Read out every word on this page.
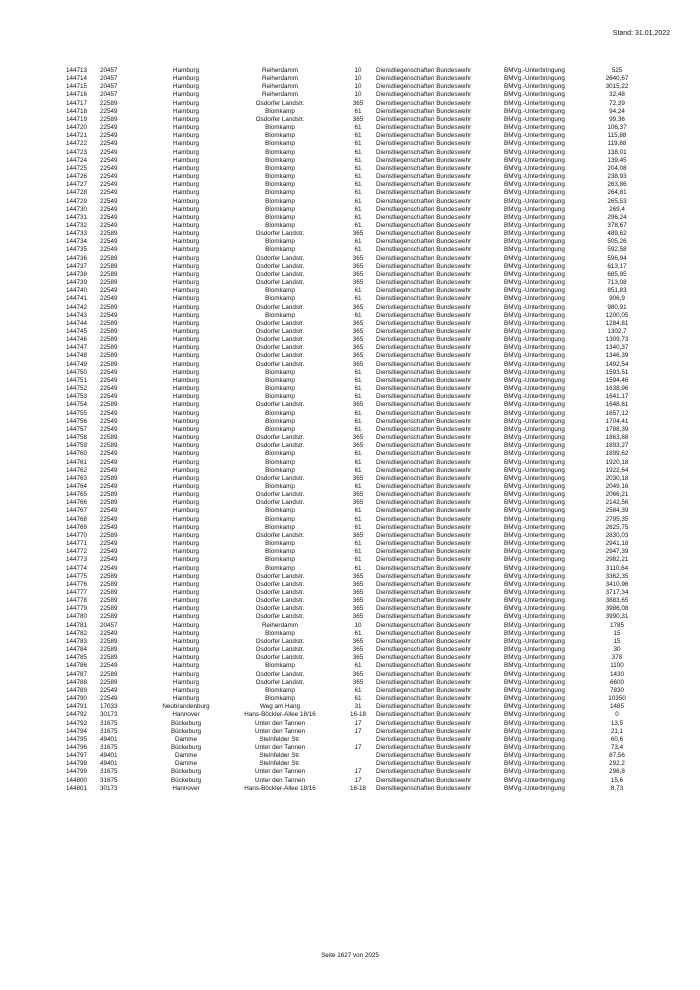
Stand: 31.01.2022
144713	20457	Hamburg	Reiherdamm	10	Dienstliegenschaften Bundeswehr	BMVg.-Unterbringung	525
144714	20457	Hamburg	Reiherdamm	10	Dienstliegenschaften Bundeswehr	BMVg.-Unterbringung	2640,67
144715	20457	Hamburg	Reiherdamm	10	Dienstliegenschaften Bundeswehr	BMVg.-Unterbringung	3015,22
144716	20457	Hamburg	Reiherdamm	10	Dienstliegenschaften Bundeswehr	BMVg.-Unterbringung	32,48
144717	22589	Hamburg	Osdorfer Landstr.	365	Dienstliegenschaften Bundeswehr	BMVg.-Unterbringung	72,39
144718	22549	Hamburg	Blomkamp	61	Dienstliegenschaften Bundeswehr	BMVg.-Unterbringung	94,24
144719	22589	Hamburg	Osdorfer Landstr.	365	Dienstliegenschaften Bundeswehr	BMVg.-Unterbringung	99,36
144720	22549	Hamburg	Blomkamp	61	Dienstliegenschaften Bundeswehr	BMVg.-Unterbringung	106,37
144721	22549	Hamburg	Blomkamp	61	Dienstliegenschaften Bundeswehr	BMVg.-Unterbringung	115,88
144722	22549	Hamburg	Blomkamp	61	Dienstliegenschaften Bundeswehr	BMVg.-Unterbringung	119,88
144723	22549	Hamburg	Blomkamp	61	Dienstliegenschaften Bundeswehr	BMVg.-Unterbringung	138,01
144724	22549	Hamburg	Blomkamp	61	Dienstliegenschaften Bundeswehr	BMVg.-Unterbringung	139,45
144725	22549	Hamburg	Blomkamp	61	Dienstliegenschaften Bundeswehr	BMVg.-Unterbringung	204,08
144726	22549	Hamburg	Blomkamp	61	Dienstliegenschaften Bundeswehr	BMVg.-Unterbringung	238,93
144727	22549	Hamburg	Blomkamp	61	Dienstliegenschaften Bundeswehr	BMVg.-Unterbringung	263,86
144728	22549	Hamburg	Blomkamp	61	Dienstliegenschaften Bundeswehr	BMVg.-Unterbringung	264,81
144729	22549	Hamburg	Blomkamp	61	Dienstliegenschaften Bundeswehr	BMVg.-Unterbringung	265,53
144730	22549	Hamburg	Blomkamp	61	Dienstliegenschaften Bundeswehr	BMVg.-Unterbringung	269,4
144731	22549	Hamburg	Blomkamp	61	Dienstliegenschaften Bundeswehr	BMVg.-Unterbringung	296,24
144732	22549	Hamburg	Blomkamp	61	Dienstliegenschaften Bundeswehr	BMVg.-Unterbringung	378,67
144733	22589	Hamburg	Osdorfer Landstr.	365	Dienstliegenschaften Bundeswehr	BMVg.-Unterbringung	489,62
144734	22549	Hamburg	Blomkamp	61	Dienstliegenschaften Bundeswehr	BMVg.-Unterbringung	505,26
144735	22549	Hamburg	Blomkamp	61	Dienstliegenschaften Bundeswehr	BMVg.-Unterbringung	592,58
144736	22589	Hamburg	Osdorfer Landstr.	365	Dienstliegenschaften Bundeswehr	BMVg.-Unterbringung	596,94
144737	22589	Hamburg	Osdorfer Landstr.	365	Dienstliegenschaften Bundeswehr	BMVg.-Unterbringung	613,17
144738	22589	Hamburg	Osdorfer Landstr.	365	Dienstliegenschaften Bundeswehr	BMVg.-Unterbringung	685,95
144739	22589	Hamburg	Osdorfer Landstr.	365	Dienstliegenschaften Bundeswehr	BMVg.-Unterbringung	713,08
144740	22549	Hamburg	Blomkamp	61	Dienstliegenschaften Bundeswehr	BMVg.-Unterbringung	851,83
144741	22549	Hamburg	Blomkamp	61	Dienstliegenschaften Bundeswehr	BMVg.-Unterbringung	906,9
144742	22589	Hamburg	Osdorfer Landstr.	365	Dienstliegenschaften Bundeswehr	BMVg.-Unterbringung	980,91
144743	22549	Hamburg	Blomkamp	61	Dienstliegenschaften Bundeswehr	BMVg.-Unterbringung	1200,05
144744	22589	Hamburg	Osdorfer Landstr.	365	Dienstliegenschaften Bundeswehr	BMVg.-Unterbringung	1284,81
144745	22589	Hamburg	Osdorfer Landstr.	365	Dienstliegenschaften Bundeswehr	BMVg.-Unterbringung	1302,7
144746	22589	Hamburg	Osdorfer Landstr.	365	Dienstliegenschaften Bundeswehr	BMVg.-Unterbringung	1309,73
144747	22589	Hamburg	Osdorfer Landstr.	365	Dienstliegenschaften Bundeswehr	BMVg.-Unterbringung	1340,37
144748	22589	Hamburg	Osdorfer Landstr.	365	Dienstliegenschaften Bundeswehr	BMVg.-Unterbringung	1346,39
144749	22589	Hamburg	Osdorfer Landstr.	365	Dienstliegenschaften Bundeswehr	BMVg.-Unterbringung	1492,54
144750	22549	Hamburg	Blomkamp	61	Dienstliegenschaften Bundeswehr	BMVg.-Unterbringung	1593,51
144751	22549	Hamburg	Blomkamp	61	Dienstliegenschaften Bundeswehr	BMVg.-Unterbringung	1594,46
144752	22549	Hamburg	Blomkamp	61	Dienstliegenschaften Bundeswehr	BMVg.-Unterbringung	1638,96
144753	22549	Hamburg	Blomkamp	61	Dienstliegenschaften Bundeswehr	BMVg.-Unterbringung	1641,17
144754	22589	Hamburg	Osdorfer Landstr.	365	Dienstliegenschaften Bundeswehr	BMVg.-Unterbringung	1648,61
144755	22549	Hamburg	Blomkamp	61	Dienstliegenschaften Bundeswehr	BMVg.-Unterbringung	1657,12
144756	22549	Hamburg	Blomkamp	61	Dienstliegenschaften Bundeswehr	BMVg.-Unterbringung	1704,41
144757	22549	Hamburg	Blomkamp	61	Dienstliegenschaften Bundeswehr	BMVg.-Unterbringung	1788,39
144758	22589	Hamburg	Osdorfer Landstr.	365	Dienstliegenschaften Bundeswehr	BMVg.-Unterbringung	1863,88
144759	22589	Hamburg	Osdorfer Landstr.	365	Dienstliegenschaften Bundeswehr	BMVg.-Unterbringung	1893,27
144760	22549	Hamburg	Blomkamp	61	Dienstliegenschaften Bundeswehr	BMVg.-Unterbringung	1899,62
144761	22549	Hamburg	Blomkamp	61	Dienstliegenschaften Bundeswehr	BMVg.-Unterbringung	1920,18
144762	22549	Hamburg	Blomkamp	61	Dienstliegenschaften Bundeswehr	BMVg.-Unterbringung	1922,64
144763	22589	Hamburg	Osdorfer Landstr.	365	Dienstliegenschaften Bundeswehr	BMVg.-Unterbringung	2030,18
144764	22549	Hamburg	Blomkamp	61	Dienstliegenschaften Bundeswehr	BMVg.-Unterbringung	2049,16
144765	22589	Hamburg	Osdorfer Landstr.	365	Dienstliegenschaften Bundeswehr	BMVg.-Unterbringung	2066,21
144766	22589	Hamburg	Osdorfer Landstr.	365	Dienstliegenschaften Bundeswehr	BMVg.-Unterbringung	2142,56
144767	22549	Hamburg	Blomkamp	61	Dienstliegenschaften Bundeswehr	BMVg.-Unterbringung	2584,39
144768	22549	Hamburg	Blomkamp	61	Dienstliegenschaften Bundeswehr	BMVg.-Unterbringung	2795,35
144769	22549	Hamburg	Blomkamp	61	Dienstliegenschaften Bundeswehr	BMVg.-Unterbringung	2825,75
144770	22589	Hamburg	Osdorfer Landstr.	365	Dienstliegenschaften Bundeswehr	BMVg.-Unterbringung	2830,03
144771	22549	Hamburg	Blomkamp	61	Dienstliegenschaften Bundeswehr	BMVg.-Unterbringung	2941,18
144772	22549	Hamburg	Blomkamp	61	Dienstliegenschaften Bundeswehr	BMVg.-Unterbringung	2947,39
144773	22549	Hamburg	Blomkamp	61	Dienstliegenschaften Bundeswehr	BMVg.-Unterbringung	2982,21
144774	22549	Hamburg	Blomkamp	61	Dienstliegenschaften Bundeswehr	BMVg.-Unterbringung	3110,64
144775	22589	Hamburg	Osdorfer Landstr.	365	Dienstliegenschaften Bundeswehr	BMVg.-Unterbringung	3362,35
144776	22589	Hamburg	Osdorfer Landstr.	365	Dienstliegenschaften Bundeswehr	BMVg.-Unterbringung	3410,96
144777	22589	Hamburg	Osdorfer Landstr.	365	Dienstliegenschaften Bundeswehr	BMVg.-Unterbringung	3717,34
144778	22589	Hamburg	Osdorfer Landstr.	365	Dienstliegenschaften Bundeswehr	BMVg.-Unterbringung	3883,65
144779	22589	Hamburg	Osdorfer Landstr.	365	Dienstliegenschaften Bundeswehr	BMVg.-Unterbringung	3986,08
144780	22589	Hamburg	Osdorfer Landstr.	365	Dienstliegenschaften Bundeswehr	BMVg.-Unterbringung	3990,31
144781	20457	Hamburg	Reiherdamm	10	Dienstliegenschaften Bundeswehr	BMVg.-Unterbringung	1785
144782	22549	Hamburg	Blomkamp	61	Dienstliegenschaften Bundeswehr	BMVg.-Unterbringung	15
144783	22589	Hamburg	Osdorfer Landstr.	365	Dienstliegenschaften Bundeswehr	BMVg.-Unterbringung	15
144784	22589	Hamburg	Osdorfer Landstr.	365	Dienstliegenschaften Bundeswehr	BMVg.-Unterbringung	30
144785	22589	Hamburg	Osdorfer Landstr.	365	Dienstliegenschaften Bundeswehr	BMVg.-Unterbringung	378
144786	22549	Hamburg	Blomkamp	61	Dienstliegenschaften Bundeswehr	BMVg.-Unterbringung	1100
144787	22589	Hamburg	Osdorfer Landstr.	365	Dienstliegenschaften Bundeswehr	BMVg.-Unterbringung	1430
144788	22589	Hamburg	Osdorfer Landstr.	365	Dienstliegenschaften Bundeswehr	BMVg.-Unterbringung	6600
144789	22549	Hamburg	Blomkamp	61	Dienstliegenschaften Bundeswehr	BMVg.-Unterbringung	7830
144790	22549	Hamburg	Blomkamp	61	Dienstliegenschaften Bundeswehr	BMVg.-Unterbringung	10350
144791	17033	Neubrandenburg	Weg am Hang	31	Dienstliegenschaften Bundeswehr	BMVg.-Unterbringung	1485
144792	30173	Hannover	Hans-Böckler-Allee 18/16	16-18	Dienstliegenschaften Bundeswehr	BMVg.-Unterbringung	0
144793	31675	Bückeburg	Unter den Tannen	17	Dienstliegenschaften Bundeswehr	BMVg.-Unterbringung	13,5
144794	31675	Bückeburg	Unter den Tannen	17	Dienstliegenschaften Bundeswehr	BMVg.-Unterbringung	21,1
144795	49401	Damme	Steinfelder Str.		Dienstliegenschaften Bundeswehr	BMVg.-Unterbringung	60,6
144796	31675	Bückeburg	Unter den Tannen	17	Dienstliegenschaften Bundeswehr	BMVg.-Unterbringung	73,4
144797	49401	Damme	Steinfelder Str.		Dienstliegenschaften Bundeswehr	BMVg.-Unterbringung	87,56
144798	49401	Damme	Steinfelder Str.		Dienstliegenschaften Bundeswehr	BMVg.-Unterbringung	292,2
144799	31675	Bückeburg	Unter den Tannen	17	Dienstliegenschaften Bundeswehr	BMVg.-Unterbringung	296,8
144800	31675	Bückeburg	Unter den Tannen	17	Dienstliegenschaften Bundeswehr	BMVg.-Unterbringung	15,6
144801	30173	Hannover	Hans-Böckler-Allee 18/16	16-18	Dienstliegenschaften Bundeswehr	BMVg.-Unterbringung	8,73
Seite 1627 von 2025
